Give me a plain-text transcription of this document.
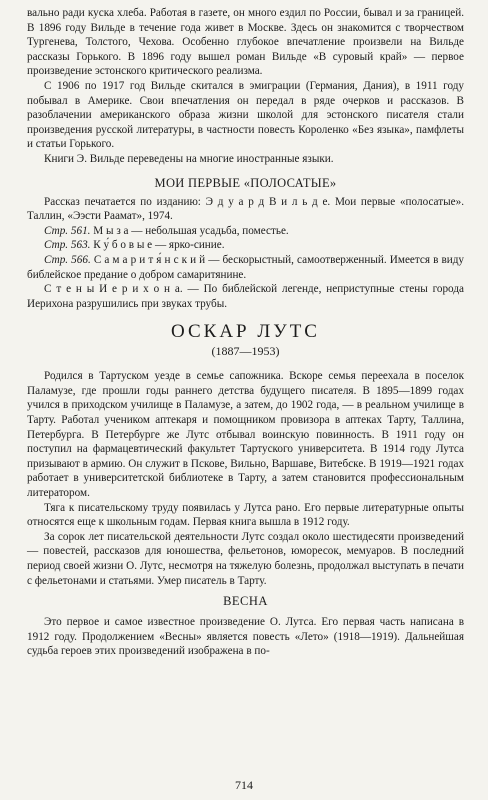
вально ради куска хлеба. Работая в газете, он много ездил по России, бывал и за границей. В 1896 году Вильде в течение года живет в Москве. Здесь он знакомится с творчеством Тургенева, Толстого, Чехова. Особенно глубокое впечатление произвели на Вильде рассказы Горького. В 1896 году вышел роман Вильде «В суровый край» — первое произведение эстонского критического реализма.

С 1906 по 1917 год Вильде скитался в эмиграции (Германия, Дания), в 1911 году побывал в Америке. Свои впечатления он передал в ряде очерков и рассказов. В разоблачении американского образа жизни школой для эстонского писателя стали произведения русской литературы, в частности повесть Короленко «Без языка», памфлеты и статьи Горького.

Книги Э. Вильде переведены на многие иностранные языки.

МОИ ПЕРВЫЕ «ПОЛОСАТЫЕ»

Рассказ печатается по изданию: Э д у а р д В и л ь д е. Мои первые «полосатые». Таллин, «Ээсти Раамат», 1974.

Стр. 561. М ы з а — небольшая усадьба, поместье.

Стр. 563. К у́ б о в ы е — ярко-синие.

Стр. 566. С а м а р и т я́ н с к и й — бескорыстный, самоотверженный. Имеется в виду библейское предание о добром самаритянине.

С т е н ы И е р и х о н а. — По библейской легенде, неприступные стены города Иерихона разрушились при звуках трубы.

ОСКАР ЛУТС
(1887—1953)

Родился в Тартуском уезде в семье сапожника. Вскоре семья переехала в поселок Паламузе, где прошли годы раннего детства будущего писателя. В 1895—1899 годах учился в приходском училище в Паламузе, а затем, до 1902 года, — в реальном училище в Тарту. Работал учеником аптекаря и помощником провизора в аптеках Тарту, Таллина, Петербурга. В Петербурге же Лутс отбывал воинскую повинность. В 1911 году он поступил на фармацевтический факультет Тартуского университета. В 1914 году Лутса призывают в армию. Он служит в Пскове, Вильно, Варшаве, Витебске. В 1919—1921 годах работает в университетской библиотеке в Тарту, а затем становится профессиональным литератором.

Тяга к писательскому труду появилась у Лутса рано. Его первые литературные опыты относятся еще к школьным годам. Первая книга вышла в 1912 году.

За сорок лет писательской деятельности Лутс создал около шестидесяти произведений — повестей, рассказов для юношества, фельетонов, юморесок, мемуаров. В последний период своей жизни О. Лутс, несмотря на тяжелую болезнь, продолжал выступать в печати с фельетонами и статьями. Умер писатель в Тарту.

ВЕСНА

Это первое и самое известное произведение О. Лутса. Его первая часть написана в 1912 году. Продолжением «Весны» является повесть «Лето» (1918—1919). Дальнейшая судьба героев этих произведений изображена в по-

714
